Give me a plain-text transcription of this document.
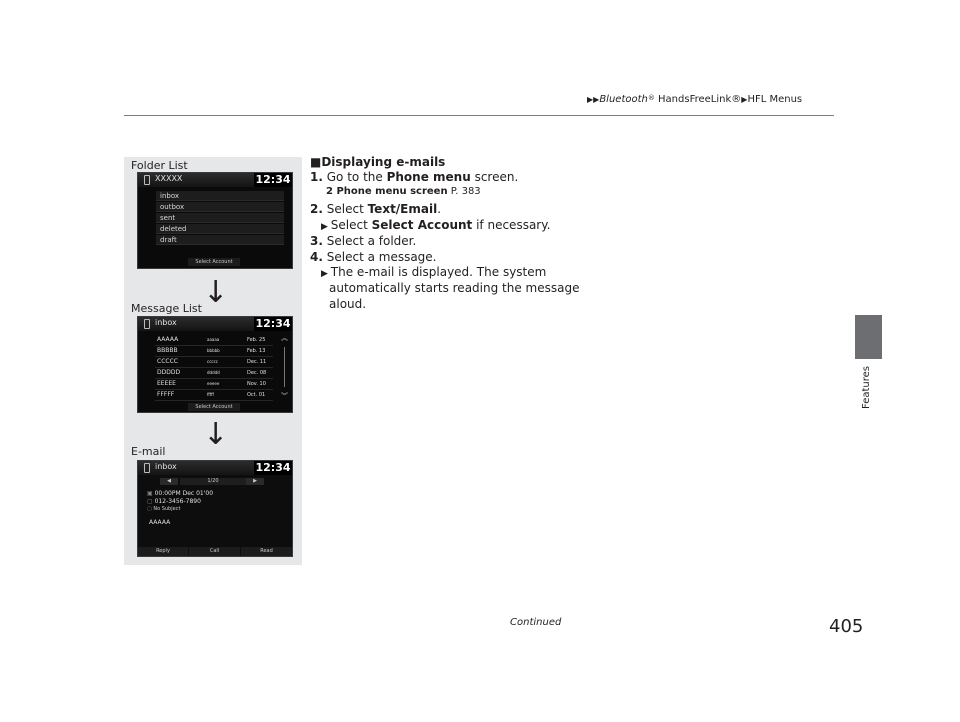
▶▶Bluetooth® HandsFreeLink®▶HFL Menus
Features
Folder List
XXXXX	12:34
inbox
outbox
sent
deleted
draft
Select Account
↓
Message List
inbox	12:34
AAAAA	aaaaa	Feb. 25
BBBBB	bbbbb	Feb. 13
CCCCC	ccccc	Dec. 11
DDDDD	ddddd	Dec. 08
EEEEE	eeeee	Nov. 10
FFFFF	fffff	Oct. 01
︽
︾
Select Account
↓
E-mail
inbox	12:34
◀	1/20	▶
▣ 00:00PM Dec 01'00
▢ 012-3456-7890
▢ No Subject
AAAAA
Reply	Call	Read
■Displaying e-mails
1. Go to the Phone menu screen.
2 Phone menu screen P. 383
2. Select Text/Email.
▶ Select Select Account if necessary.
3. Select a folder.
4. Select a message.
▶ The e-mail is displayed. The system
automatically starts reading the message
aloud.
Continued	405
